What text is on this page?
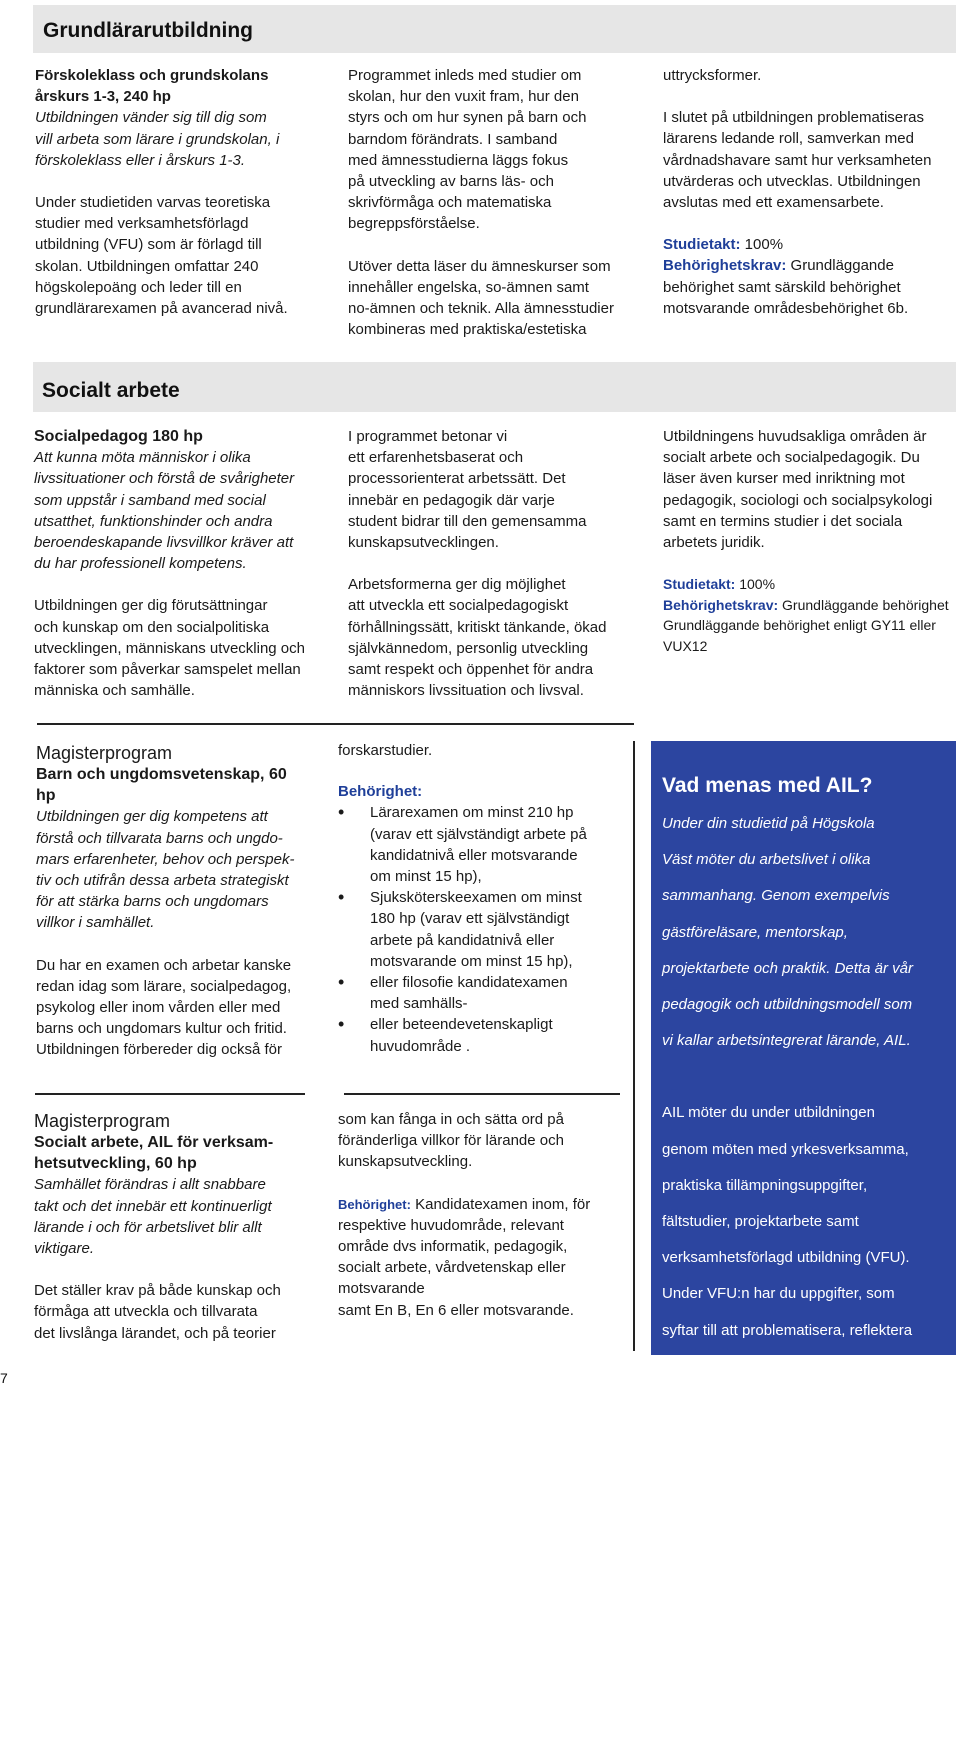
Grundlärarutbildning

Förskoleklass och grundskolans

årskurs 1-3, 240 hp

Utbildningen vänder sig till dig som

vill arbeta som lärare i grundskolan, i

förskoleklass eller i årskurs 1-3.

Under studietiden varvas teoretiska

studier med verksamhetsförlagd

utbildning (VFU) som är förlagd till

skolan. Utbildningen omfattar 240

högskolepoäng och leder till en

grundlärarexamen på avancerad nivå.

Programmet inleds med studier om

skolan, hur den vuxit fram, hur den

styrs och om hur synen på barn och

barndom förändrats. I samband

med ämnesstudierna läggs fokus

på utveckling av barns läs- och

skrivförmåga och matematiska

begreppsförståelse.

Utöver detta läser du ämneskurser som

innehåller engelska, so-ämnen samt

no-ämnen och teknik. Alla ämnesstudier

kombineras med praktiska/estetiska

uttrycksformer.

I slutet på utbildningen problematiseras

lärarens ledande roll, samverkan med

vårdnadshavare samt hur verksamheten

utvärderas och utvecklas. Utbildningen

avslutas med ett examensarbete.

Studietakt: 100%

Behörighetskrav: Grundläggande

behörighet samt särskild behörighet

motsvarande områdesbehörighet 6b.

Socialt arbete

Socialpedagog 180 hp

Att kunna möta människor i olika

livssituationer och förstå de svårigheter

som uppstår i samband med social

utsatthet, funktionshinder och andra

beroendeskapande livsvillkor kräver att

du har professionell kompetens.

Utbildningen ger dig förutsättningar

och kunskap om den socialpolitiska

utvecklingen, människans utveckling och

faktorer som påverkar samspelet mellan

människa och samhälle.

I programmet betonar vi

ett erfarenhetsbaserat och

processorienterat arbetssätt. Det

innebär en pedagogik där varje

student bidrar till den gemensamma

kunskapsutvecklingen.

Arbetsformerna ger dig möjlighet

att utveckla ett socialpedagogiskt

förhållningssätt, kritiskt tänkande, ökad

självkännedom, personlig utveckling

samt respekt och öppenhet för andra

människors livssituation och livsval.

Utbildningens huvudsakliga områden är

socialt arbete och socialpedagogik. Du

läser även kurser med inriktning mot

pedagogik, sociologi och socialpsykologi

samt en termins studier i det sociala

arbetets juridik.

Studietakt: 100%

Behörighetskrav: Grundläggande behörighet

Grundläggande behörighet enligt GY11 eller

VUX12

Magisterprogram

Barn och ungdomsvetenskap, 60

hp

Utbildningen ger dig kompetens att

förstå och tillvarata barns och ungdo-

mars erfarenheter, behov och perspek-

tiv och utifrån dessa arbeta strategiskt

för att stärka barns och ungdomars

villkor i samhället.

Du har en examen och arbetar kanske

redan idag som lärare, socialpedagog,

psykolog eller inom vården eller med

barns och ungdomars kultur och fritid.

Utbildningen förbereder dig också för

forskarstudier.

Behörighet:

• Lärarexamen om minst 210 hp

(varav ett självständigt arbete på

kandidatnivå eller motsvarande

om minst 15 hp),

• Sjuksköterskeexamen om minst

180 hp (varav ett självständigt

arbete på kandidatnivå eller

motsvarande om minst 15 hp),

• eller filosofie kandidatexamen

med samhälls-

• eller beteendevetenskapligt

huvudområde .

Magisterprogram

Socialt arbete, AIL för verksam-

hetsutveckling, 60 hp

Samhället förändras i allt snabbare

takt och det innebär ett kontinuerligt

lärande i och för arbetslivet blir allt

viktigare.

Det ställer krav på både kunskap och

förmåga att utveckla och tillvarata

det livslånga lärandet, och på teorier

som kan fånga in och sätta ord på

föränderliga villkor för lärande och

kunskapsutveckling.

Behörighet: Kandidatexamen inom, för

respektive huvudområde, relevant

område dvs informatik, pedagogik,

socialt arbete, vårdvetenskap eller

motsvarande

samt En B, En 6 eller motsvarande.

Vad menas med AIL?

Under din studietid på Högskola

Väst möter du arbetslivet i olika

sammanhang. Genom exempelvis

gästföreläsare, mentorskap,

projektarbete och praktik. Detta är vår

pedagogik och utbildningsmodell som

vi kallar arbetsintegrerat lärande, AIL.

AIL möter du under utbildningen

genom möten med yrkesverksamma,

praktiska tillämpningsuppgifter,

fältstudier, projektarbete samt

verksamhetsförlagd utbildning (VFU).

Under VFU:n har du uppgifter, som

syftar till att problematisera, reflektera

och analysera situationer i arbetet,

samt att beskriva och kritiskt granska

verksamheten.

Handledda seminarier ger dig möjlighet

att diskutera och integrera teoretiska

och praktiska kunskaper. Reflektion,

arbetsintegrerat lärande och personlig

utveckling är betydelsefull för att du

ska utveckla handlingsberedskap för

din kommande yrkesroll.

7
